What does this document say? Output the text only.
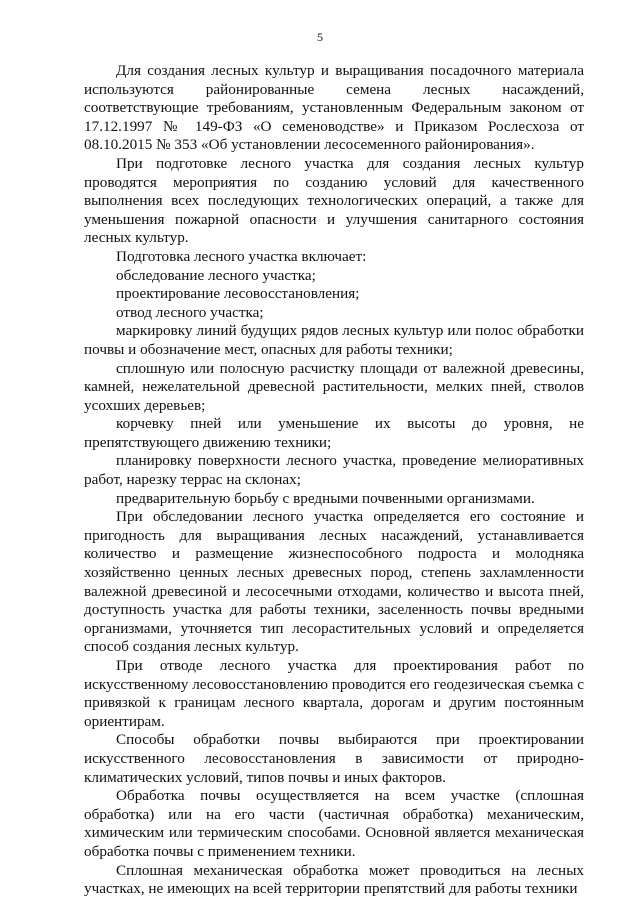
5

Для создания лесных культур и выращивания посадочного материала используются районированные семена лесных насаждений, соответствующие требованиям, установленным Федеральным законом от 17.12.1997 № 149-ФЗ «О семеноводстве» и Приказом Рослесхоза от 08.10.2015 № 353 «Об установлении лесосеменного районирования».

При подготовке лесного участка для создания лесных культур проводятся мероприятия по созданию условий для качественного выполнения всех последующих технологических операций, а также для уменьшения пожарной опасности и улучшения санитарного состояния лесных культур.

Подготовка лесного участка включает:

обследование лесного участка;

проектирование лесовосстановления;

отвод лесного участка;

маркировку линий будущих рядов лесных культур или полос обработки почвы и обозначение мест, опасных для работы техники;

сплошную или полосную расчистку площади от валежной древесины, камней, нежелательной древесной растительности, мелких пней, стволов усохших деревьев;

корчевку пней или уменьшение их высоты до уровня, не препятствующего движению техники;

планировку поверхности лесного участка, проведение мелиоративных работ, нарезку террас на склонах;

предварительную борьбу с вредными почвенными организмами.

При обследовании лесного участка определяется его состояние и пригодность для выращивания лесных насаждений, устанавливается количество и размещение жизнеспособного подроста и молодняка хозяйственно ценных лесных древесных пород, степень захламленности валежной древесиной и лесосечными отходами, количество и высота пней, доступность участка для работы техники, заселенность почвы вредными организмами, уточняется тип лесорастительных условий и определяется способ создания лесных культур.

При отводе лесного участка для проектирования работ по искусственному лесовосстановлению проводится его геодезическая съемка с привязкой к границам лесного квартала, дорогам и другим постоянным ориентирам.

Способы обработки почвы выбираются при проектировании искусственного лесовосстановления в зависимости от природно-климатических условий, типов почвы и иных факторов.

Обработка почвы осуществляется на всем участке (сплошная обработка) или на его части (частичная обработка) механическим, химическим или термическим способами. Основной является механическая обработка почвы с применением техники.

Сплошная механическая обработка может проводиться на лесных участках, не имеющих на всей территории препятствий для работы техники
